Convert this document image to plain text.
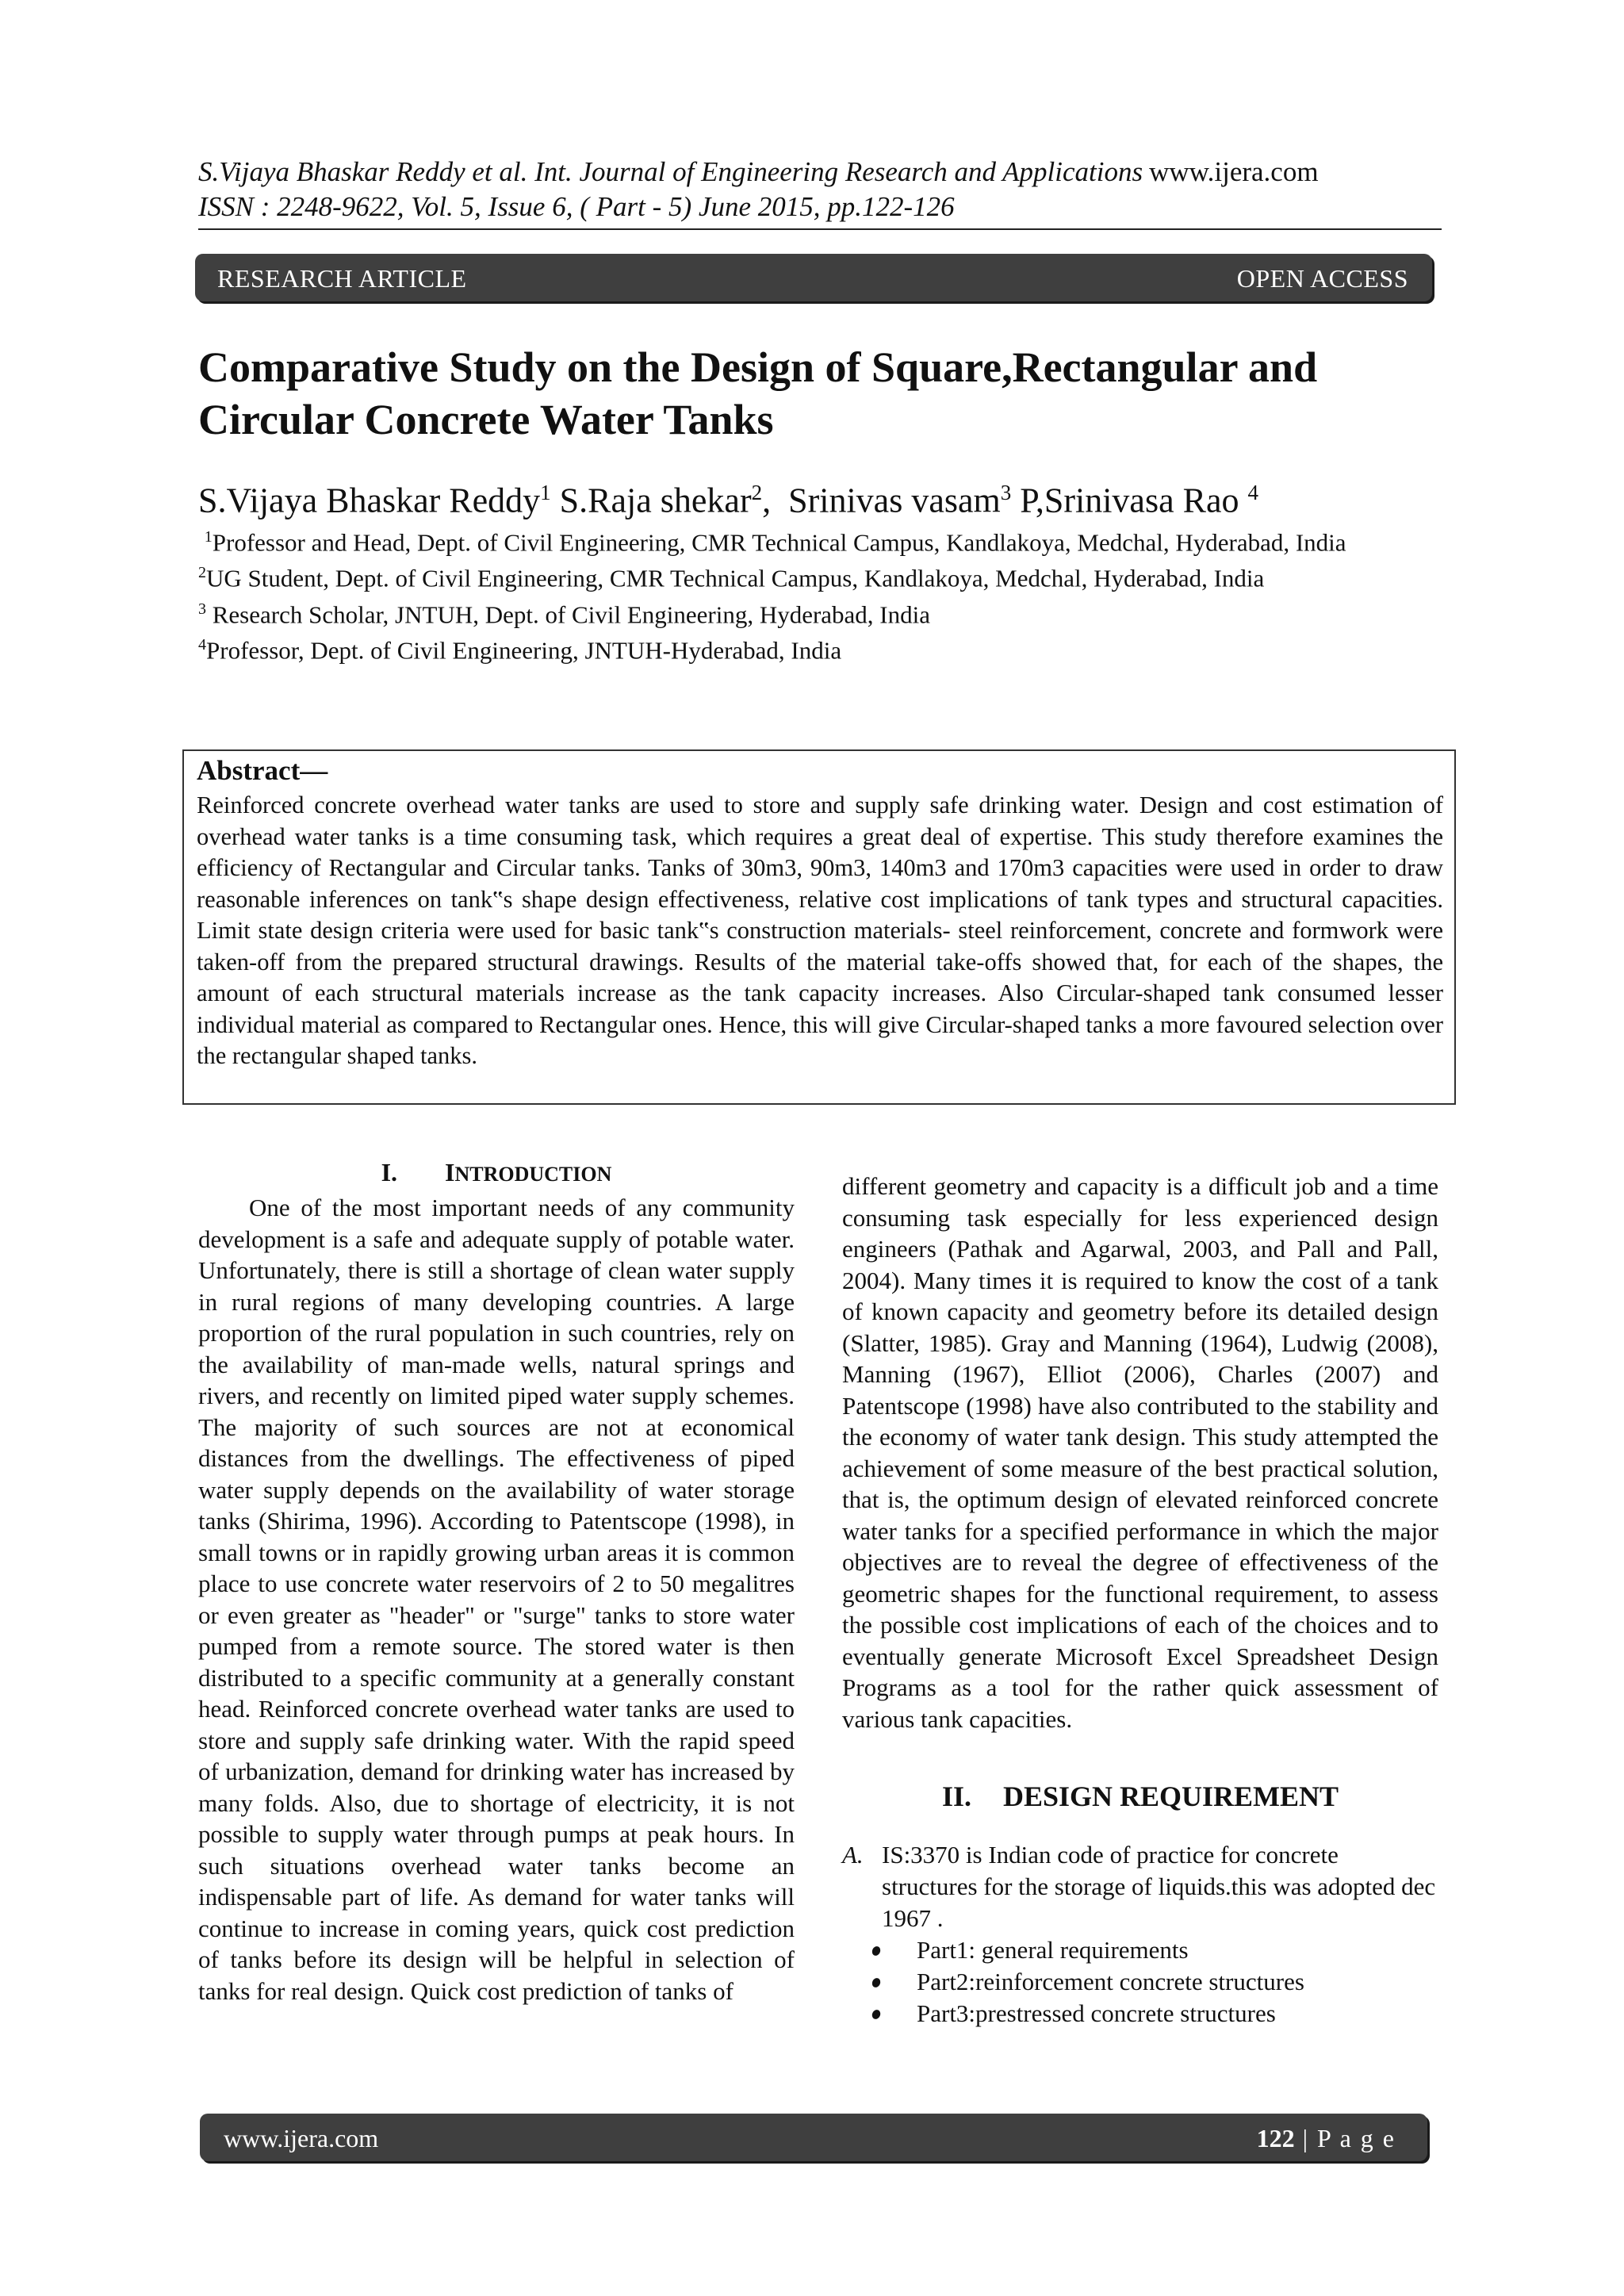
S.Vijaya Bhaskar Reddy et al. Int. Journal of Engineering Research and Applications www.ijera.com
ISSN : 2248-9622, Vol. 5, Issue 6, ( Part - 5) June 2015, pp.122-126
RESEARCH ARTICLE	OPEN ACCESS
Comparative Study on the Design of Square,Rectangular and Circular Concrete Water Tanks
S.Vijaya Bhaskar Reddy$^1$ S.Raja shekar$^2$,  Srinivas vasam$^3$ P,Srinivasa Rao $^4$
$^1$Professor and Head, Dept. of Civil Engineering, CMR Technical Campus, Kandlakoya, Medchal, Hyderabad, India
$^2$UG Student, Dept. of Civil Engineering, CMR Technical Campus, Kandlakoya, Medchal, Hyderabad, India
$^3$ Research Scholar, JNTUH, Dept. of Civil Engineering, Hyderabad, India
$^4$Professor, Dept. of Civil Engineering, JNTUH-Hyderabad, India
Abstract—
Reinforced concrete overhead water tanks are used to store and supply safe drinking water. Design and cost estimation of overhead water tanks is a time consuming task, which requires a great deal of expertise. This study therefore examines the efficiency of Rectangular and Circular tanks. Tanks of 30m3, 90m3, 140m3 and 170m3 capacities were used in order to draw reasonable inferences on tank‟s shape design effectiveness, relative cost implications of tank types and structural capacities. Limit state design criteria were used for basic tank‟s construction materials- steel reinforcement, concrete and formwork were taken-off from the prepared structural drawings. Results of the material take-offs showed that, for each of the shapes, the amount of each structural materials increase as the tank capacity increases. Also Circular-shaped tank consumed lesser individual material as compared to Rectangular ones. Hence, this will give Circular-shaped tanks a more favoured selection over the rectangular shaped tanks.
I. INTRODUCTION
One of the most important needs of any community development is a safe and adequate supply of potable water. Unfortunately, there is still a shortage of clean water supply in rural regions of many developing countries. A large proportion of the rural population in such countries, rely on the availability of man-made wells, natural springs and rivers, and recently on limited piped water supply schemes. The majority of such sources are not at economical distances from the dwellings. The effectiveness of piped water supply depends on the availability of water storage tanks (Shirima, 1996). According to Patentscope (1998), in small towns or in rapidly growing urban areas it is common place to use concrete water reservoirs of 2 to 50 megalitres or even greater as "header" or "surge" tanks to store water pumped from a remote source. The stored water is then distributed to a specific community at a generally constant head. Reinforced concrete overhead water tanks are used to store and supply safe drinking water. With the rapid speed of urbanization, demand for drinking water has increased by many folds. Also, due to shortage of electricity, it is not possible to supply water through pumps at peak hours. In such situations overhead water tanks become an indispensable part of life. As demand for water tanks will continue to increase in coming years, quick cost prediction of tanks before its design will be helpful in selection of tanks for real design. Quick cost prediction of tanks of
different geometry and capacity is a difficult job and a time consuming task especially for less experienced design engineers (Pathak and Agarwal, 2003, and Pall and Pall, 2004). Many times it is required to know the cost of a tank of known capacity and geometry before its detailed design (Slatter, 1985). Gray and Manning (1964), Ludwig (2008), Manning (1967), Elliot (2006), Charles (2007) and Patentscope (1998) have also contributed to the stability and the economy of water tank design. This study attempted the achievement of some measure of the best practical solution, that is, the optimum design of elevated reinforced concrete water tanks for a specified performance in which the major objectives are to reveal the degree of effectiveness of the geometric shapes for the functional requirement, to assess the possible cost implications of each of the choices and to eventually generate Microsoft Excel Spreadsheet Design Programs as a tool for the rather quick assessment of various tank capacities.
II. DESIGN REQUIREMENT
A. IS:3370 is Indian code of practice for concrete structures for the storage of liquids.this was adopted dec 1967 .
Part1: general requirements
Part2:reinforcement concrete structures
Part3:prestressed concrete structures
www.ijera.com	122 | P a g e
